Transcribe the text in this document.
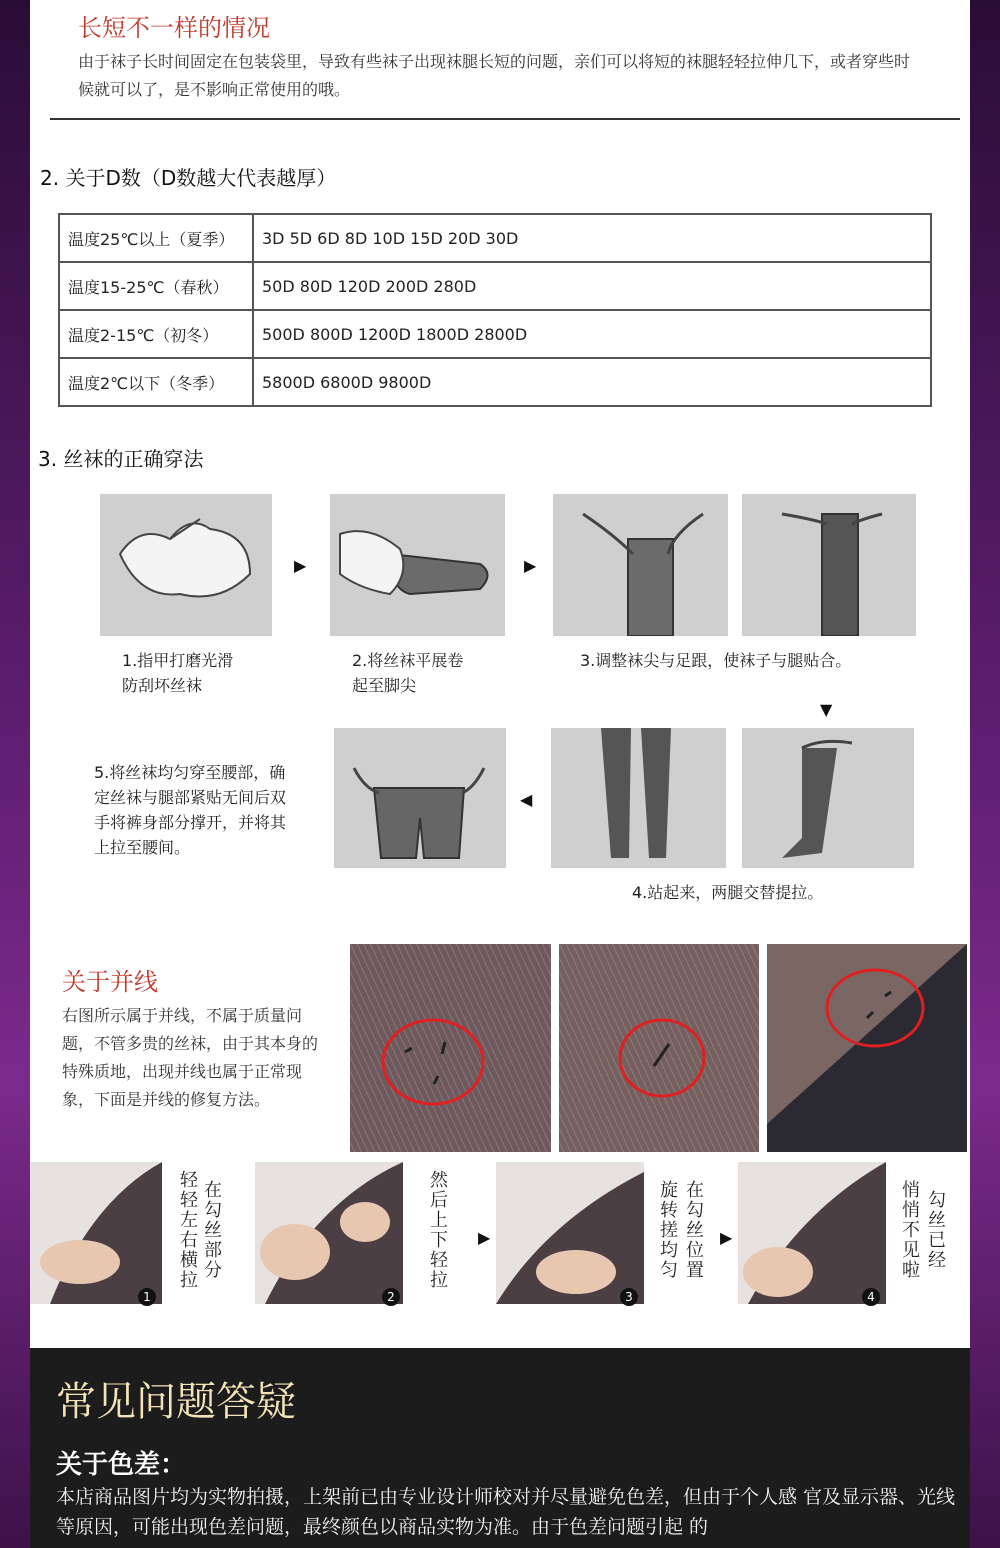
长短不一样的情况
由于袜子长时间固定在包装袋里，导致有些袜子出现袜腿长短的问题，亲们可以将短的袜腿轻轻拉伸几下，或者穿些时候就可以了，是不影响正常使用的哦。
2. 关于D数（D数越大代表越厚）
温度25℃以上（夏季）	3D 5D 6D 8D 10D 15D 20D 30D
温度15-25℃（春秋）	50D 80D 120D 200D 280D
温度2-15℃（初冬）	500D 800D 1200D 1800D 2800D
温度2℃以下（冬季）	5800D 6800D 9800D
3. 丝袜的正确穿法
▶	▶
1.指甲打磨光滑
防刮坏丝袜
2.将丝袜平展卷
起至脚尖
3.调整袜尖与足跟，使袜子与腿贴合。
▼
5.将丝袜均匀穿至腰部，确
定丝袜与腿部紧贴无间后双
手将裤身部分撑开，并将其
上拉至腰间。
◀
4.站起来，两腿交替提拉。
关于并线
右图所示属于并线，不属于质量问题，不管多贵的丝袜，由于其本身的特殊质地，出现并线也属于正常现象，下面是并线的修复方法。
1
轻轻左右横拉 在勾丝部分
2
然后上下轻拉 ▶
3
旋转搓均匀 在勾丝位置 ▶
4
悄悄不见啦 勾丝已经
常见问题答疑
关于色差：
本店商品图片均为实物拍摄，上架前已由专业设计师校对并尽量避免色差，但由于个人感 官及显示器、光线等原因，可能出现色差问题，最终颜色以商品实物为准。由于色差问题引起 的
